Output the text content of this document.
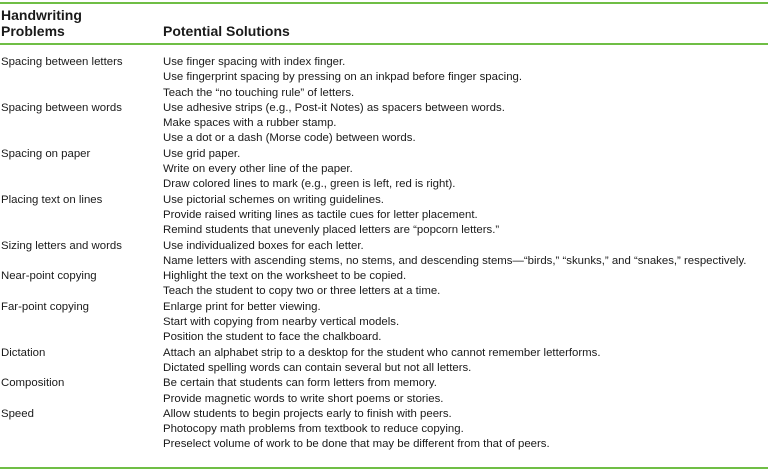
Handwriting
Problems	Potential Solutions
Spacing between letters	Use finger spacing with index finger.
Use fingerprint spacing by pressing on an inkpad before finger spacing.
Teach the “no touching rule” of letters.
Spacing between words	Use adhesive strips (e.g., Post-it Notes) as spacers between words.
Make spaces with a rubber stamp.
Use a dot or a dash (Morse code) between words.
Spacing on paper	Use grid paper.
Write on every other line of the paper.
Draw colored lines to mark (e.g., green is left, red is right).
Placing text on lines	Use pictorial schemes on writing guidelines.
Provide raised writing lines as tactile cues for letter placement.
Remind students that unevenly placed letters are “popcorn letters.”
Sizing letters and words	Use individualized boxes for each letter.
Name letters with ascending stems, no stems, and descending stems—“birds,” “skunks,” and “snakes,” respectively.
Near-point copying	Highlight the text on the worksheet to be copied.
Teach the student to copy two or three letters at a time.
Far-point copying	Enlarge print for better viewing.
Start with copying from nearby vertical models.
Position the student to face the chalkboard.
Dictation	Attach an alphabet strip to a desktop for the student who cannot remember letterforms.
Dictated spelling words can contain several but not all letters.
Composition	Be certain that students can form letters from memory.
Provide magnetic words to write short poems or stories.
Speed	Allow students to begin projects early to finish with peers.
Photocopy math problems from textbook to reduce copying.
Preselect volume of work to be done that may be different from that of peers.
